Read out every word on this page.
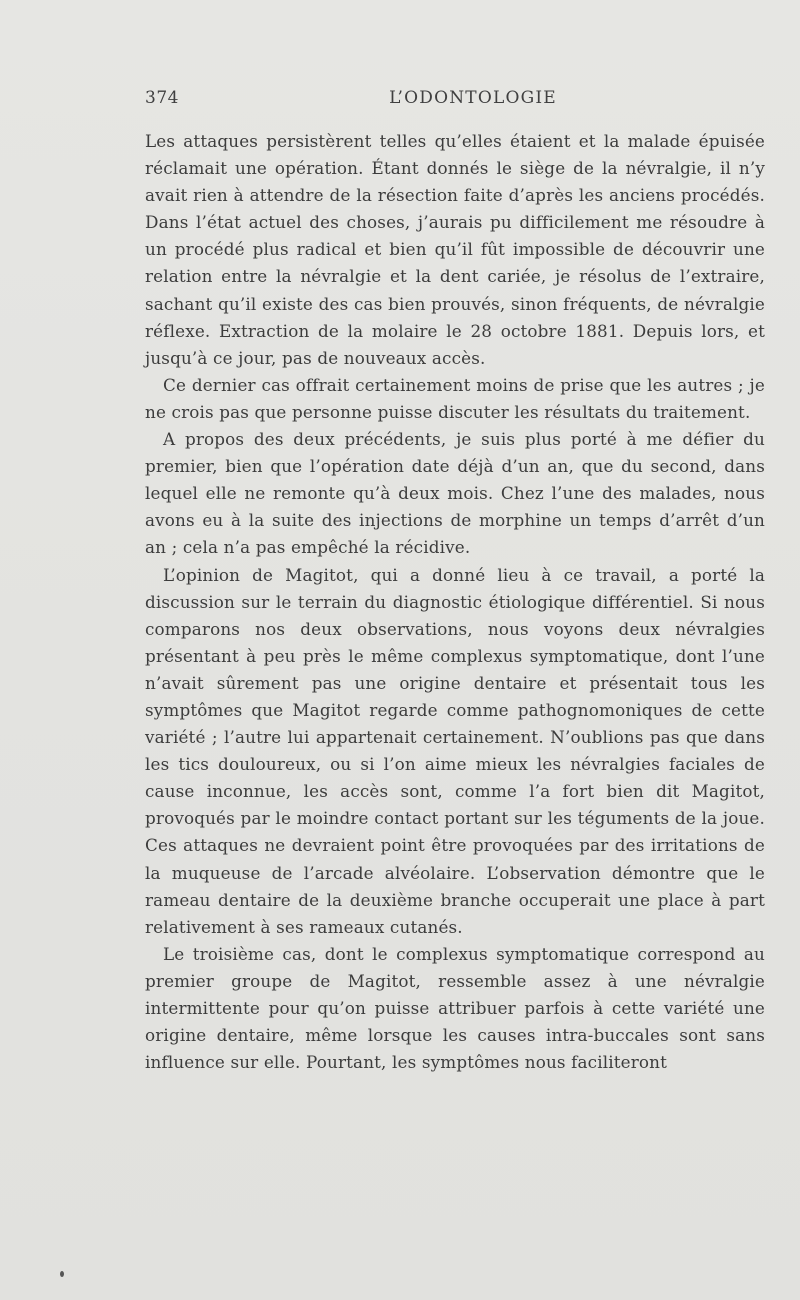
374	L’ODONTOLOGIE

Les attaques persistèrent telles qu’elles étaient et la malade épuisée réclamait une opération. Étant donnés le siège de la névralgie, il n’y avait rien à attendre de la résection faite d’après les anciens procédés. Dans l’état actuel des choses, j’aurais pu difficilement me résoudre à un procédé plus radical et bien qu’il fût impossible de découvrir une relation entre la névralgie et la dent cariée, je résolus de l’extraire, sachant qu’il existe des cas bien prouvés, sinon fréquents, de névralgie réflexe. Extraction de la molaire le 28 octobre 1881. Depuis lors, et jusqu’à ce jour, pas de nouveaux accès.

Ce dernier cas offrait certainement moins de prise que les autres ; je ne crois pas que personne puisse discuter les résultats du traitement.

A propos des deux précédents, je suis plus porté à me défier du premier, bien que l’opération date déjà d’un an, que du second, dans lequel elle ne remonte qu’à deux mois. Chez l’une des malades, nous avons eu à la suite des injections de morphine un temps d’arrêt d’un an ; cela n’a pas empêché la récidive.

L’opinion de Magitot, qui a donné lieu à ce travail, a porté la discussion sur le terrain du diagnostic étiologique différentiel. Si nous comparons nos deux observations, nous voyons deux névralgies présentant à peu près le même complexus symptomatique, dont l’une n’avait sûrement pas une origine dentaire et présentait tous les symptômes que Magitot regarde comme pathognomoniques de cette variété ; l’autre lui appartenait certainement. N’oublions pas que dans les tics douloureux, ou si l’on aime mieux les névralgies faciales de cause inconnue, les accès sont, comme l’a fort bien dit Magitot, provoqués par le moindre contact portant sur les téguments de la joue. Ces attaques ne devraient point être provoquées par des irritations de la muqueuse de l’arcade alvéolaire. L’observation démontre que le rameau dentaire de la deuxième branche occuperait une place à part relativement à ses rameaux cutanés.

Le troisième cas, dont le complexus symptomatique correspond au premier groupe de Magitot, ressemble assez à une névralgie intermittente pour qu’on puisse attribuer parfois à cette variété une origine dentaire, même lorsque les causes intra-buccales sont sans influence sur elle. Pourtant, les symptômes nous faciliteront
